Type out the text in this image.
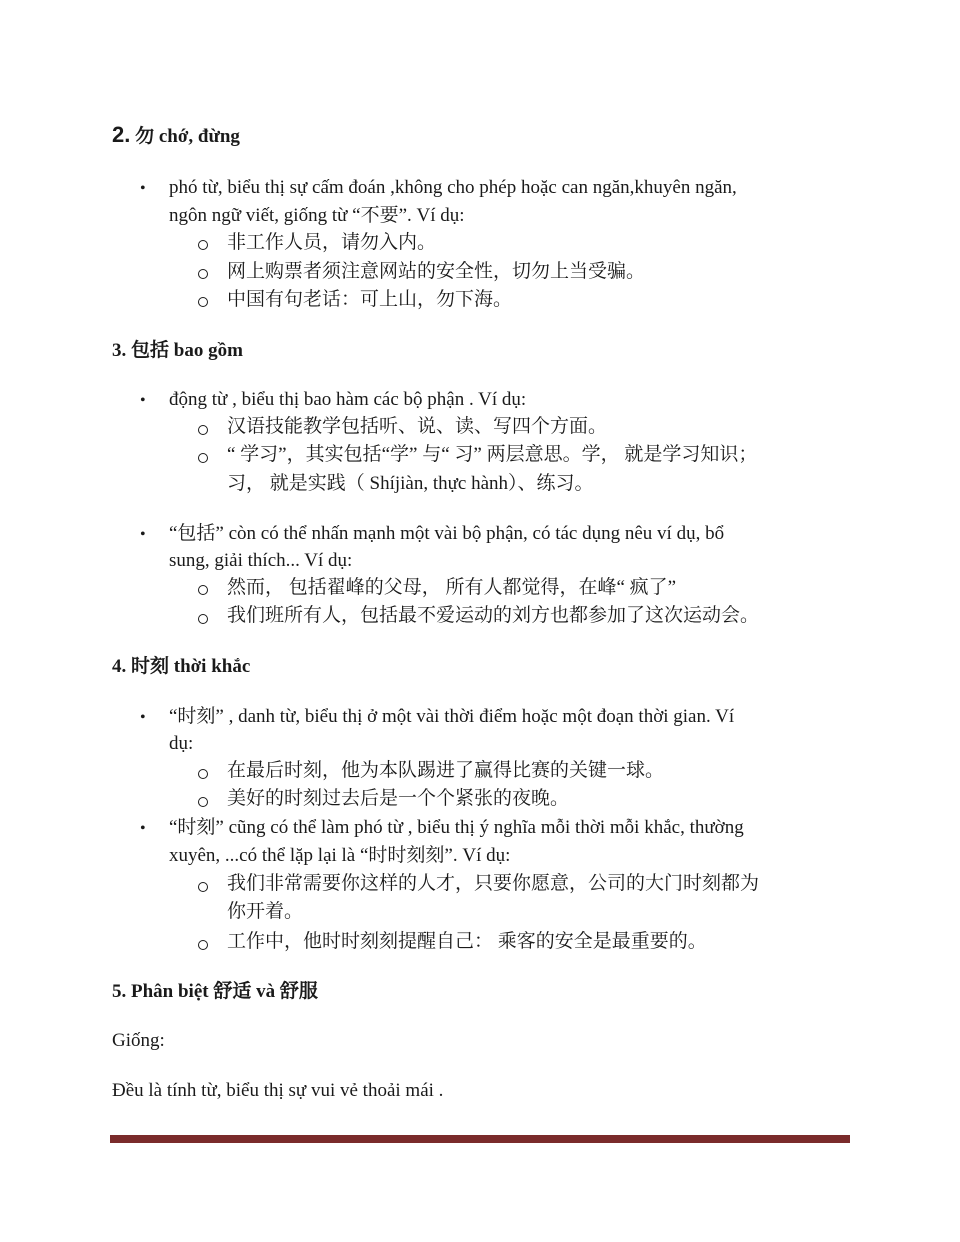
2. 勿 chớ, đừng
• phó từ, biểu thị sự cấm đoán ,không cho phép hoặc can ngăn,khuyên ngăn,

ngôn ngữ viết, giống từ “不要”. Ví dụ:

非工作人员，请勿入内。

网上购票者须注意网站的安全性，切勿上当受骗。

中国有句老话：可上山，勿下海。

3. 包括 bao gồm
• động từ , biểu thị bao hàm các bộ phận . Ví dụ:

汉语技能教学包括听、说、读、写四个方面。

“ 学习”，其实包括“学” 与“ 习” 两层意思。学， 就是学习知识；

习， 就是实践（ Shíjiàn, thực hành）、练习。

• “包括” còn có thể nhấn mạnh một vài bộ phận, có tác dụng nêu ví dụ, bổ

sung, giải thích... Ví dụ:

然而， 包括翟峰的父母， 所有人都觉得，在峰“ 疯了”

我们班所有人，包括最不爱运动的刘方也都参加了这次运动会。

4. 时刻 thời khắc
• “时刻” , danh từ, biểu thị ở một vài thời điểm hoặc một đoạn thời gian. Ví

dụ:

在最后时刻，他为本队踢进了赢得比赛的关键一球。

美好的时刻过去后是一个个紧张的夜晚。

• “时刻” cũng có thể làm phó từ , biểu thị ý nghĩa mỗi thời mỗi khắc, thường

xuyên, ...có thể lặp lại là “时时刻刻”. Ví dụ:

我们非常需要你这样的人才，只要你愿意，公司的大门时刻都为

你开着。

工作中，他时时刻刻提醒自己： 乘客的安全是最重要的。

5. Phân biệt 舒适 và 舒服

Giống:

Đều là tính từ, biểu thị sự vui vẻ thoải mái .
